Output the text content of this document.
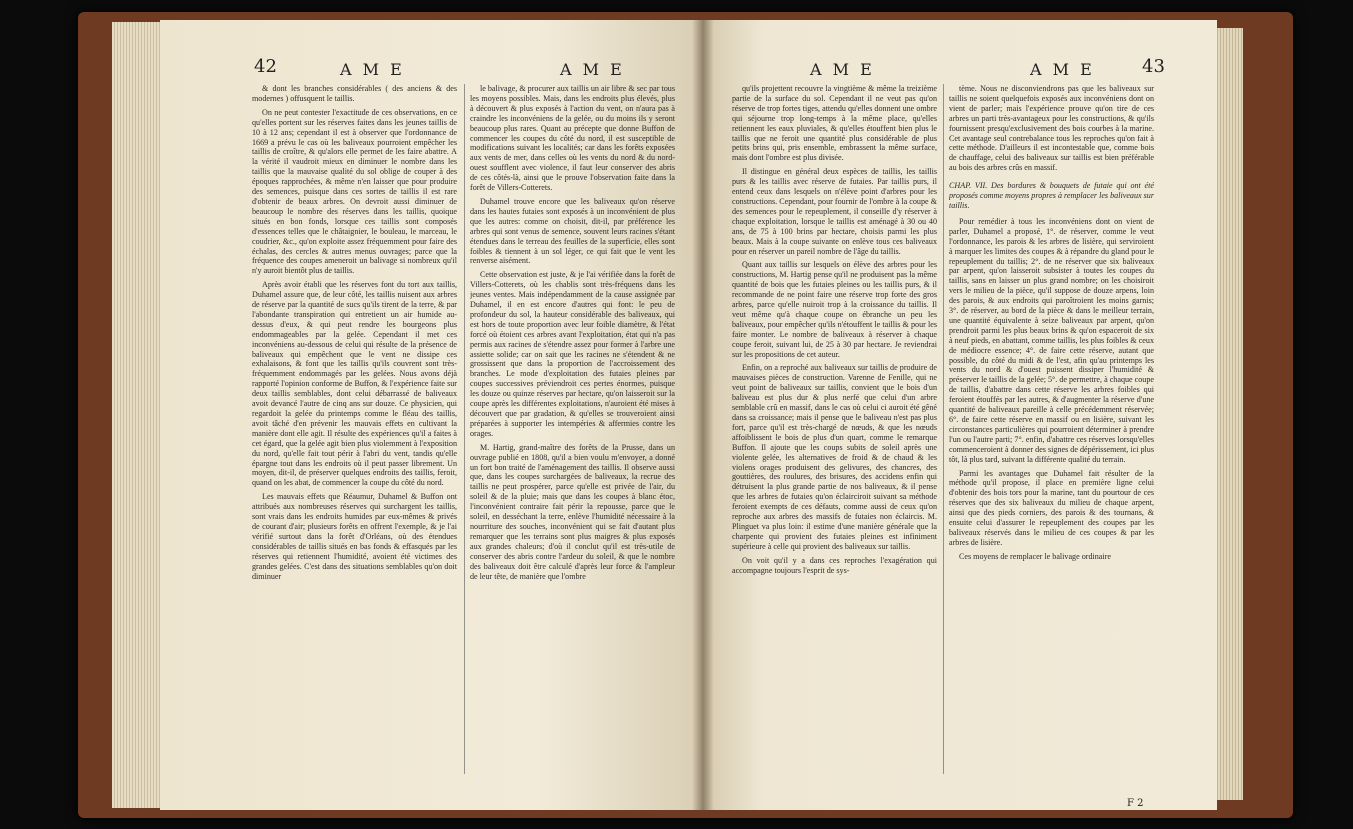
42	A M E	A M E

& dont les branches considérables ( des anciens & des modernes ) offusquent le taillis.

On ne peut contester l'exactitude de ces observations, en ce qu'elles portent sur les réserves faites dans les jeunes taillis de 10 à 12 ans; cependant il est à observer que l'ordonnance de 1669 a prévu le cas où les baliveaux pourroient empêcher les taillis de croître, & qu'alors elle permet de les faire abattre. A la vérité il vaudroit mieux en diminuer le nombre dans les taillis que la mauvaise qualité du sol oblige de couper à des époques rapprochées, & même n'en laisser que pour produire des semences, puisque dans ces sortes de taillis il est rare d'obtenir de beaux arbres. On devroit aussi diminuer de beaucoup le nombre des réserves dans les taillis, quoique situés en bon fonds, lorsque ces taillis sont composés d'essences telles que le châtaignier, le bouleau, le marceau, le coudrier, &c., qu'on exploite assez fréquemment pour faire des échalas, des cercles & autres menus ouvrages; parce que la fréquence des coupes ameneroit un balivage si nombreux qu'il n'y auroit bientôt plus de taillis.

Après avoir établi que les réserves font du tort aux taillis, Duhamel assure que, de leur côté, les taillis nuisent aux arbres de réserve par la quantité de sucs qu'ils tirent de la terre, & par l'abondante transpiration qui entretient un air humide au-dessus d'eux, & qui peut rendre les bourgeons plus endommageables par la gelée. Cependant il met ces inconvéniens au-dessous de celui qui résulte de la présence de baliveaux qui empêchent que le vent ne dissipe ces exhalaisons, & font que les taillis qu'ils couvrent sont très-fréquemment endommagés par les gelées. Nous avons déjà rapporté l'opinion conforme de Buffon, & l'expérience faite sur deux taillis semblables, dont celui débarrassé de baliveaux avoit devancé l'autre de cinq ans sur douze. Ce physicien, qui regardoit la gelée du printemps comme le fléau des taillis, avoit tâché d'en prévenir les mauvais effets en cultivant la manière dont elle agit. Il résulte des expériences qu'il a faites à cet égard, que la gelée agit bien plus violemment à l'exposition du nord, qu'elle fait tout périr à l'abri du vent, tandis qu'elle épargne tout dans les endroits où il peut passer librement. Un moyen, dit-il, de préserver quelques endroits des taillis, feroit, quand on les abat, de commencer la coupe du côté du nord.

Les mauvais effets que Réaumur, Duhamel & Buffon ont attribués aux nombreuses réserves qui surchargent les taillis, sont vrais dans les endroits humides par eux-mêmes & privés de courant d'air; plusieurs forêts en offrent l'exemple, & je l'ai vérifié surtout dans la forêt d'Orléans, où des étendues considérables de taillis situés en bas fonds & effasqués par les réserves qui retiennent l'humidité, avoient été victimes des grandes gelées. C'est dans des situations semblables qu'on doit diminuer

le balivage, & procurer aux taillis un air libre & sec par tous les moyens possibles. Mais, dans les endroits plus élevés, plus à découvert & plus exposés à l'action du vent, on n'aura pas à craindre les inconvéniens de la gelée, ou du moins ils y seront beaucoup plus rares. Quant au précepte que donne Buffon de commencer les coupes du côté du nord, il est susceptible de modifications suivant les localités; car dans les forêts exposées aux vents de mer, dans celles où les vents du nord & du nord-ouest soufflent avec violence, il faut leur conserver des abris de ces côtés-là, ainsi que le prouve l'observation faite dans la forêt de Villers-Cotterets.

Duhamel trouve encore que les baliveaux qu'on réserve dans les hautes futaies sont exposés à un inconvénient de plus que les autres: comme on choisit, dit-il, par préférence les arbres qui sont venus de semence, souvent leurs racines s'étant étendues dans le terreau des feuilles de la superficie, elles sont foibles & tiennent à un sol léger, ce qui fait que le vent les renverse aisément.

Cette observation est juste, & je l'ai vérifiée dans la forêt de Villers-Cotterets, où les chablis sont très-fréquens dans les jeunes ventes. Mais indépendamment de la cause assignée par Duhamel, il en est encore d'autres qui font: le peu de profondeur du sol, la hauteur considérable des baliveaux, qui est hors de toute proportion avec leur foible diamètre, & l'état forcé où étoient ces arbres avant l'exploitation, état qui n'a pas permis aux racines de s'étendre assez pour former à l'arbre une assiette solide; car on sait que les racines ne s'étendent & ne grossissent que dans la proportion de l'accroissement des branches. Le mode d'exploitation des futaies pleines par coupes successives préviendroit ces pertes énormes, puisque les douze ou quinze réserves par hectare, qu'on laisseroit sur la coupe après les différentes exploitations, n'auroient été mises à découvert que par gradation, & qu'elles se trouveroient ainsi préparées à supporter les intempéries & affermies contre les orages.

M. Hartig, grand-maître des forêts de la Prusse, dans un ouvrage publié en 1808, qu'il a bien voulu m'envoyer, a donné un fort bon traité de l'aménagement des taillis. Il observe aussi que, dans les coupes surchargées de baliveaux, la recrue des taillis ne peut prospérer, parce qu'elle est privée de l'air, du soleil & de la pluie; mais que dans les coupes à blanc étoc, l'inconvénient contraire fait périr la repousse, parce que le soleil, en desséchant la terre, enlève l'humidité nécessaire à la nourriture des souches, inconvénient qui se fait d'autant plus remarquer que les terrains sont plus maigres & plus exposés aux grandes chaleurs; d'où il conclut qu'il est très-utile de conserver des abris contre l'ardeur du soleil, & que le nombre des baliveaux doit être calculé d'après leur force & l'ampleur de leur tête, de manière que l'ombre

A M E	A M E	43

qu'ils projettent recouvre la vingtième & même la treizième partie de la surface du sol. Cependant il ne veut pas qu'on réserve de trop fortes tiges, attendu qu'elles donnent une ombre qui séjourne trop long-temps à la même place, qu'elles retiennent les eaux pluviales, & qu'elles étouffent bien plus le taillis que ne feroit une quantité plus considérable de plus petits brins qui, pris ensemble, embrassent la même surface, mais dont l'ombre est plus divisée.

Il distingue en général deux espèces de taillis, les taillis purs & les taillis avec réserve de futaies. Par taillis purs, il entend ceux dans lesquels on n'élève point d'arbres pour les constructions. Cependant, pour fournir de l'ombre à la coupe & des semences pour le repeuplement, il conseille d'y réserver à chaque exploitation, lorsque le taillis est aménagé à 30 ou 40 ans, de 75 à 100 brins par hectare, choisis parmi les plus beaux. Mais à la coupe suivante on enlève tous ces baliveaux pour en réserver un pareil nombre de l'âge du taillis.

Quant aux taillis sur lesquels on élève des arbres pour les constructions, M. Hartig pense qu'il ne produisent pas la même quantité de bois que les futaies pleines ou les taillis purs, & il recommande de ne point faire une réserve trop forte des gros arbres, parce qu'elle nuiroit trop à la croissance du taillis. Il veut même qu'à chaque coupe on ébranche un peu les baliveaux, pour empêcher qu'ils n'étouffent le taillis & pour les faire monter. Le nombre de baliveaux à réserver à chaque coupe feroit, suivant lui, de 25 à 30 par hectare. Je reviendrai sur les propositions de cet auteur.

Enfin, on a reproché aux baliveaux sur taillis de produire de mauvaises pièces de construction. Varenne de Fenille, qui ne veut point de baliveaux sur taillis, convient que le bois d'un baliveau est plus dur & plus nerfé que celui d'un arbre semblable crû en massif, dans le cas où celui ci auroit été gêné dans sa croissance; mais il pense que le baliveau n'est pas plus fort, parce qu'il est très-chargé de nœuds, & que les nœuds affoiblissent le bois de plus d'un quart, comme le remarque Buffon. Il ajoute que les coups subits de soleil après une violente gelée, les alternatives de froid & de chaud & les violens orages produisent des gelivures, des chancres, des gouttières, des roulures, des brisures, des accidens enfin qui détruisent la plus grande partie de nos baliveaux, & il pense que les arbres de futaies qu'on éclairciroit suivant sa méthode feroient exempts de ces défauts, comme aussi de ceux qu'on reproche aux arbres des massifs de futaies non éclaircis. M. Plinguet va plus loin: il estime d'une manière générale que la charpente qui provient des futaies pleines est infiniment supérieure à celle qui provient des baliveaux sur taillis.

On voit qu'il y a dans ces reproches l'exagération qui accompagne toujours l'esprit de sys-

tème. Nous ne disconviendrons pas que les baliveaux sur taillis ne soient quelquefois exposés aux inconvéniens dont on vient de parler; mais l'expérience prouve qu'on tire de ces arbres un parti très-avantageux pour les constructions, & qu'ils fournissent presqu'exclusivement des bois courbes à la marine. Cet avantage seul contrebalance tous les reproches qu'on fait à cette méthode. D'ailleurs il est incontestable que, comme bois de chauffage, celui des baliveaux sur taillis est bien préférable au bois des arbres crûs en massif.

CHAP. VII. Des bordures & bouquets de futaie qui ont été proposés comme moyens propres à remplacer les baliveaux sur taillis.

Pour remédier à tous les inconvéniens dont on vient de parler, Duhamel a proposé, 1°. de réserver, comme le veut l'ordonnance, les parois & les arbres de lisière, qui serviroient à marquer les limites des coupes & à répandre du gland pour le repeuplement du taillis; 2°. de ne réserver que six baliveaux par arpent, qu'on laisseroit subsister à toutes les coupes du taillis, sans en laisser un plus grand nombre; on les choisiroit vers le milieu de la pièce, qu'il suppose de douze arpens, loin des parois, & aux endroits qui paroîtroient les moins garnis; 3°. de réserver, au bord de la pièce & dans le meilleur terrain, une quantité équivalente à seize baliveaux par arpent, qu'on prendroit parmi les plus beaux brins & qu'on espaceroit de six à neuf pieds, en abattant, comme taillis, les plus foibles & ceux de médiocre essence; 4°. de faire cette réserve, autant que possible, du côté du midi & de l'est, afin qu'au printemps les vents du nord & d'ouest puissent dissiper l'humidité & préserver le taillis de la gelée; 5°. de permettre, à chaque coupe de taillis, d'abattre dans cette réserve les arbres foibles qui feroient étouffés par les autres, & d'augmenter la réserve d'une quantité de baliveaux pareille à celle précédemment réservée; 6°. de faire cette réserve en massif ou en lisière, suivant les circonstances particulières qui pourroient déterminer à prendre l'un ou l'autre parti; 7°. enfin, d'abattre ces réserves lorsqu'elles commenceroient à donner des signes de dépérissement, ici plus tôt, là plus tard, suivant la différente qualité du terrain.

Parmi les avantages que Duhamel fait résulter de la méthode qu'il propose, il place en première ligne celui d'obtenir des bois tors pour la marine, tant du pourtour de ces réserves que des six baliveaux du milieu de chaque arpent, ainsi que des pieds corniers, des parois & des tournans, & ensuite celui d'assurer le repeuplement des coupes par les baliveaux réservés dans le milieu de ces coupes & par les arbres de lisière.

Ces moyens de remplacer le balivage ordinaire

F 2
